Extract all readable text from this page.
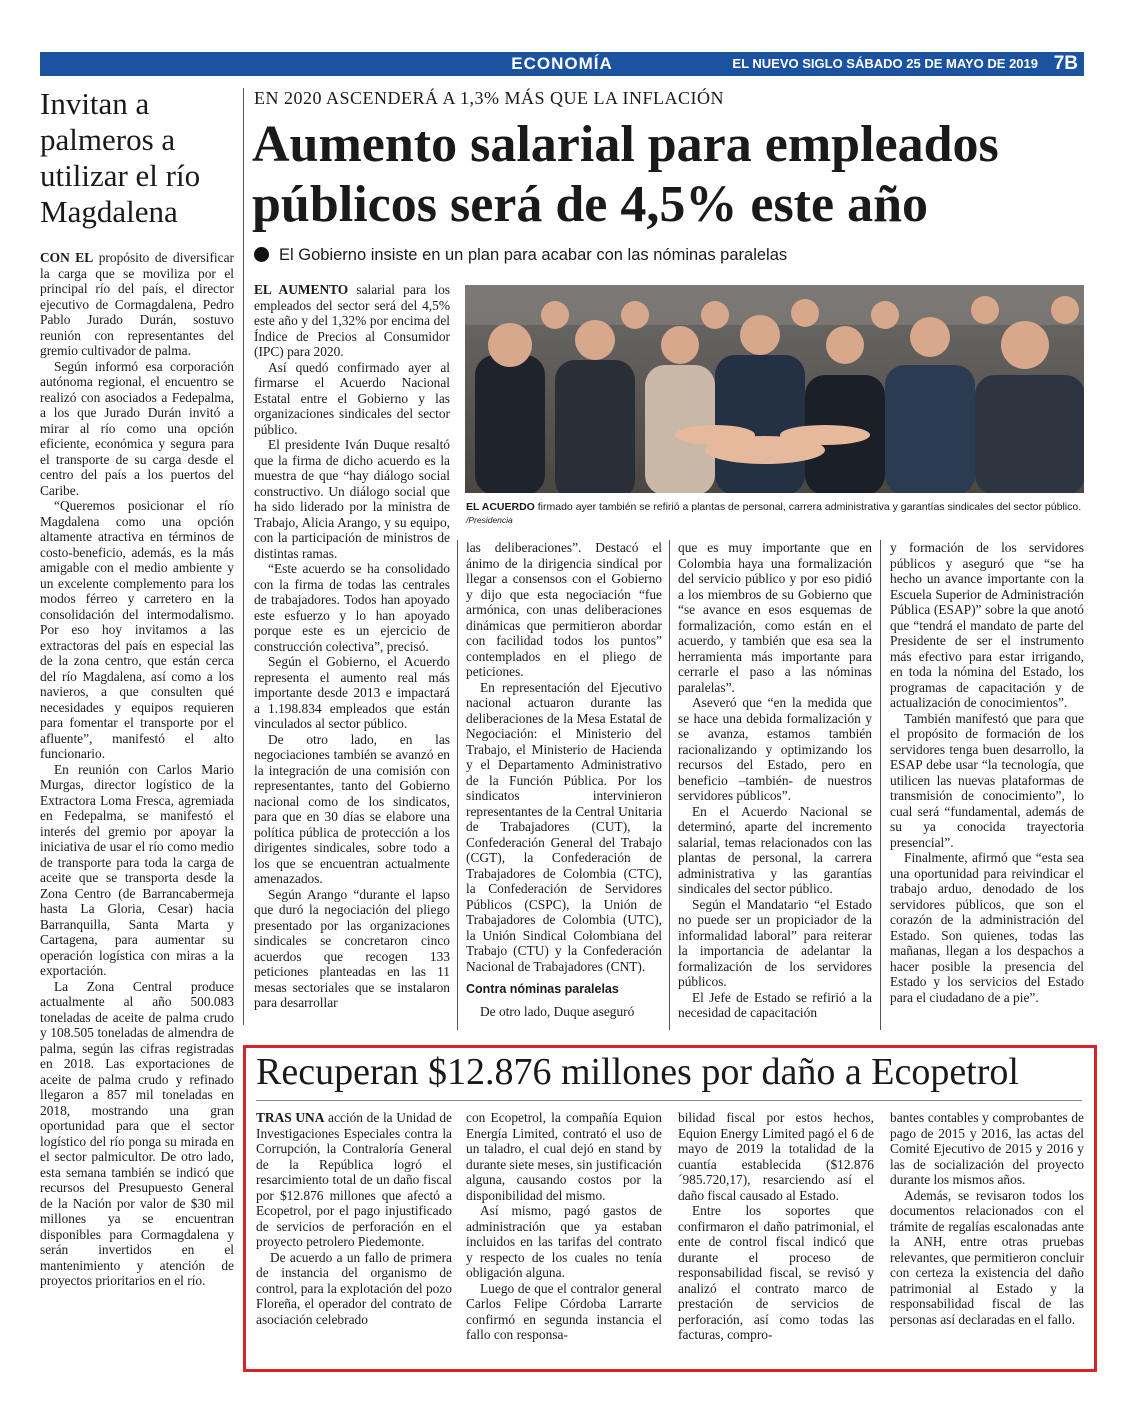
ECONOMÍA	EL NUEVO SIGLO SÁBADO 25 DE MAYO DE 2019 7B
Invitan a palmeros a utilizar el río Magdalena

CON EL propósito de diversificar la carga que se moviliza por el principal río del país, el director ejecutivo de Cormagdalena, Pedro Pablo Jurado Durán, sostuvo reunión con representantes del gremio cultivador de palma.

Según informó esa corporación autónoma regional, el encuentro se realizó con asociados a Fedepalma, a los que Jurado Durán invitó a mirar al río como una opción eficiente, económica y segura para el transporte de su carga desde el centro del país a los puertos del Caribe.

“Queremos posicionar el río Magdalena como una opción altamente atractiva en términos de costo-beneficio, además, es la más amigable con el medio ambiente y un excelente complemento para los modos férreo y carretero en la consolidación del intermodalismo. Por eso hoy invitamos a las extractoras del país en especial las de la zona centro, que están cerca del río Magdalena, así como a los navieros, a que consulten qué necesidades y equipos requieren para fomentar el transporte por el afluente”, manifestó el alto funcionario.

En reunión con Carlos Mario Murgas, director logístico de la Extractora Loma Fresca, agremiada en Fedepalma, se manifestó el interés del gremio por apoyar la iniciativa de usar el río como medio de transporte para toda la carga de aceite que se transporta desde la Zona Centro (de Barrancabermeja hasta La Gloria, Cesar) hacia Barranquilla, Santa Marta y Cartagena, para aumentar su operación logística con miras a la exportación.

La Zona Central produce actualmente al año 500.083 toneladas de aceite de palma crudo y 108.505 toneladas de almendra de palma, según las cifras registradas en 2018. Las exportaciones de aceite de palma crudo y refinado llegaron a 857 mil toneladas en 2018, mostrando una gran oportunidad para que el sector logístico del río ponga su mirada en el sector palmicultor. De otro lado, esta semana también se indicó que recursos del Presupuesto General de la Nación por valor de $30 mil millones ya se encuentran disponibles para Cormagdalena y serán invertidos en el mantenimiento y atención de proyectos prioritarios en el río.

EN 2020 ASCENDERÁ A 1,3% MÁS QUE LA INFLACIÓN
Aumento salarial para empleados públicos será de 4,5% este año
El Gobierno insiste en un plan para acabar con las nóminas paralelas
EL ACUERDO firmado ayer también se refirió a plantas de personal, carrera administrativa y garantías sindicales del sector público. /Presidencia

EL AUMENTO salarial para los empleados del sector será del 4,5% este año y del 1,32% por encima del Índice de Precios al Consumidor (IPC) para 2020.

Así quedó confirmado ayer al firmarse el Acuerdo Nacional Estatal entre el Gobierno y las organizaciones sindicales del sector público.

El presidente Iván Duque resaltó que la firma de dicho acuerdo es la muestra de que “hay diálogo social constructivo. Un diálogo social que ha sido liderado por la ministra de Trabajo, Alicia Arango, y su equipo, con la participación de ministros de distintas ramas.

“Este acuerdo se ha consolidado con la firma de todas las centrales de trabajadores. Todos han apoyado este esfuerzo y lo han apoyado porque este es un ejercicio de construcción colectiva”, precisó.

Según el Gobierno, el Acuerdo representa el aumento real más importante desde 2013 e impactará a 1.198.834 empleados que están vinculados al sector público.

De otro lado, en las negociaciones también se avanzó en la integración de una comisión con representantes, tanto del Gobierno nacional como de los sindicatos, para que en 30 días se elabore una política pública de protección a los dirigentes sindicales, sobre todo a los que se encuentran actualmente amenazados.

Según Arango “durante el lapso que duró la negociación del pliego presentado por las organizaciones sindicales se concretaron cinco acuerdos que recogen 133 peticiones planteadas en las 11 mesas sectoriales que se instalaron para desarrollar

las deliberaciones”. Destacó el ánimo de la dirigencia sindical por llegar a consensos con el Gobierno y dijo que esta negociación “fue armónica, con unas deliberaciones dinámicas que permitieron abordar con facilidad todos los puntos” contemplados en el pliego de peticiones.

En representación del Ejecutivo nacional actuaron durante las deliberaciones de la Mesa Estatal de Negociación: el Ministerio del Trabajo, el Ministerio de Hacienda y el Departamento Administrativo de la Función Pública. Por los sindicatos intervinieron representantes de la Central Unitaria de Trabajadores (CUT), la Confederación General del Trabajo (CGT), la Confederación de Trabajadores de Colombia (CTC), la Confederación de Servidores Públicos (CSPC), la Unión de Trabajadores de Colombia (UTC), la Unión Sindical Colombiana del Trabajo (CTU) y la Confederación Nacional de Trabajadores (CNT).

Contra nóminas paralelas

De otro lado, Duque aseguró

que es muy importante que en Colombia haya una formalización del servicio público y por eso pidió a los miembros de su Gobierno que “se avance en esos esquemas de formalización, como están en el acuerdo, y también que esa sea la herramienta más importante para cerrarle el paso a las nóminas paralelas”.

Aseveró que “en la medida que se hace una debida formalización y se avanza, estamos también racionalizando y optimizando los recursos del Estado, pero en beneficio –también- de nuestros servidores públicos”.

En el Acuerdo Nacional se determinó, aparte del incremento salarial, temas relacionados con las plantas de personal, la carrera administrativa y las garantías sindicales del sector público.

Según el Mandatario “el Estado no puede ser un propiciador de la informalidad laboral” para reiterar la importancia de adelantar la formalización de los servidores públicos.

El Jefe de Estado se refirió a la necesidad de capacitación

y formación de los servidores públicos y aseguró que “se ha hecho un avance importante con la Escuela Superior de Administración Pública (ESAP)” sobre la que anotó que “tendrá el mandato de parte del Presidente de ser el instrumento más efectivo para estar irrigando, en toda la nómina del Estado, los programas de capacitación y de actualización de conocimientos”.

También manifestó que para que el propósito de formación de los servidores tenga buen desarrollo, la ESAP debe usar “la tecnología, que utilicen las nuevas plataformas de transmisión de conocimiento”, lo cual será “fundamental, además de su ya conocida trayectoria presencial”.

Finalmente, afirmó que “esta sea una oportunidad para reivindicar el trabajo arduo, denodado de los servidores públicos, que son el corazón de la administración del Estado. Son quienes, todas las mañanas, llegan a los despachos a hacer posible la presencia del Estado y los servicios del Estado para el ciudadano de a pie”.

Recuperan $12.876 millones por daño a Ecopetrol

TRAS UNA acción de la Unidad de Investigaciones Especiales contra la Corrupción, la Contraloría General de la República logró el resarcimiento total de un daño fiscal por $12.876 millones que afectó a Ecopetrol, por el pago injustificado de servicios de perforación en el proyecto petrolero Piedemonte.

De acuerdo a un fallo de primera de instancia del organismo de control, para la explotación del pozo Floreña, el operador del contrato de asociación celebrado

con Ecopetrol, la compañía Equion Energía Limited, contrató el uso de un taladro, el cual dejó en stand by durante siete meses, sin justificación alguna, causando costos por la disponibilidad del mismo.

Así mismo, pagó gastos de administración que ya estaban incluidos en las tarifas del contrato y respecto de los cuales no tenía obligación alguna.

Luego de que el contralor general Carlos Felipe Córdoba Larrarte confirmó en segunda instancia el fallo con responsa-

bilidad fiscal por estos hechos, Equion Energy Limited pagó el 6 de mayo de 2019 la totalidad de la cuantía establecida ($12.876´985.720,17), resarciendo así el daño fiscal causado al Estado.

Entre los soportes que confirmaron el daño patrimonial, el ente de control fiscal indicó que durante el proceso de responsabilidad fiscal, se revisó y analizó el contrato marco de prestación de servicios de perforación, así como todas las facturas, compro-

bantes contables y comprobantes de pago de 2015 y 2016, las actas del Comité Ejecutivo de 2015 y 2016 y las de socialización del proyecto durante los mismos años.

Además, se revisaron todos los documentos relacionados con el trámite de regalías escalonadas ante la ANH, entre otras pruebas relevantes, que permitieron concluir con certeza la existencia del daño patrimonial al Estado y la responsabilidad fiscal de las personas así declaradas en el fallo.
